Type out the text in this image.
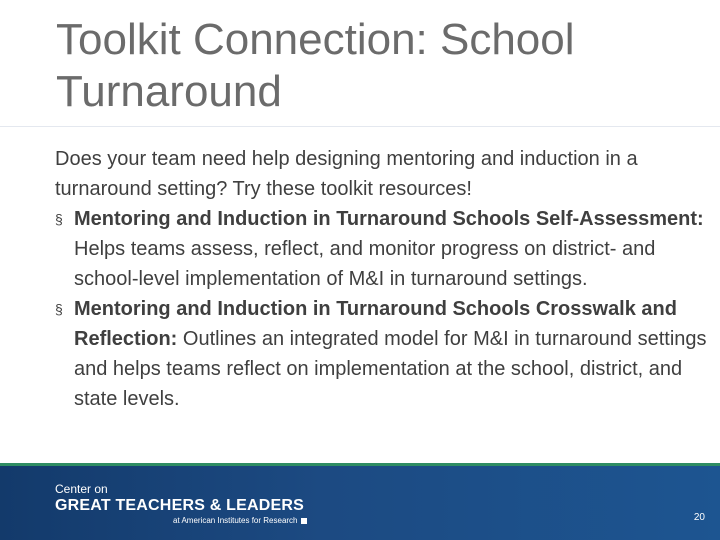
Toolkit Connection: School Turnaround

Does your team need help designing mentoring and induction in a turnaround setting? Try these toolkit resources!

§ Mentoring and Induction in Turnaround Schools Self-Assessment: Helps teams assess, reflect, and monitor progress on district- and school-level implementation of M&I in turnaround settings.
§ Mentoring and Induction in Turnaround Schools Crosswalk and Reflection: Outlines an integrated model for M&I in turnaround settings and helps teams reflect on implementation at the school, district, and state levels.
Center on
GREAT TEACHERS & LEADERS
at American Institutes for Research	20
